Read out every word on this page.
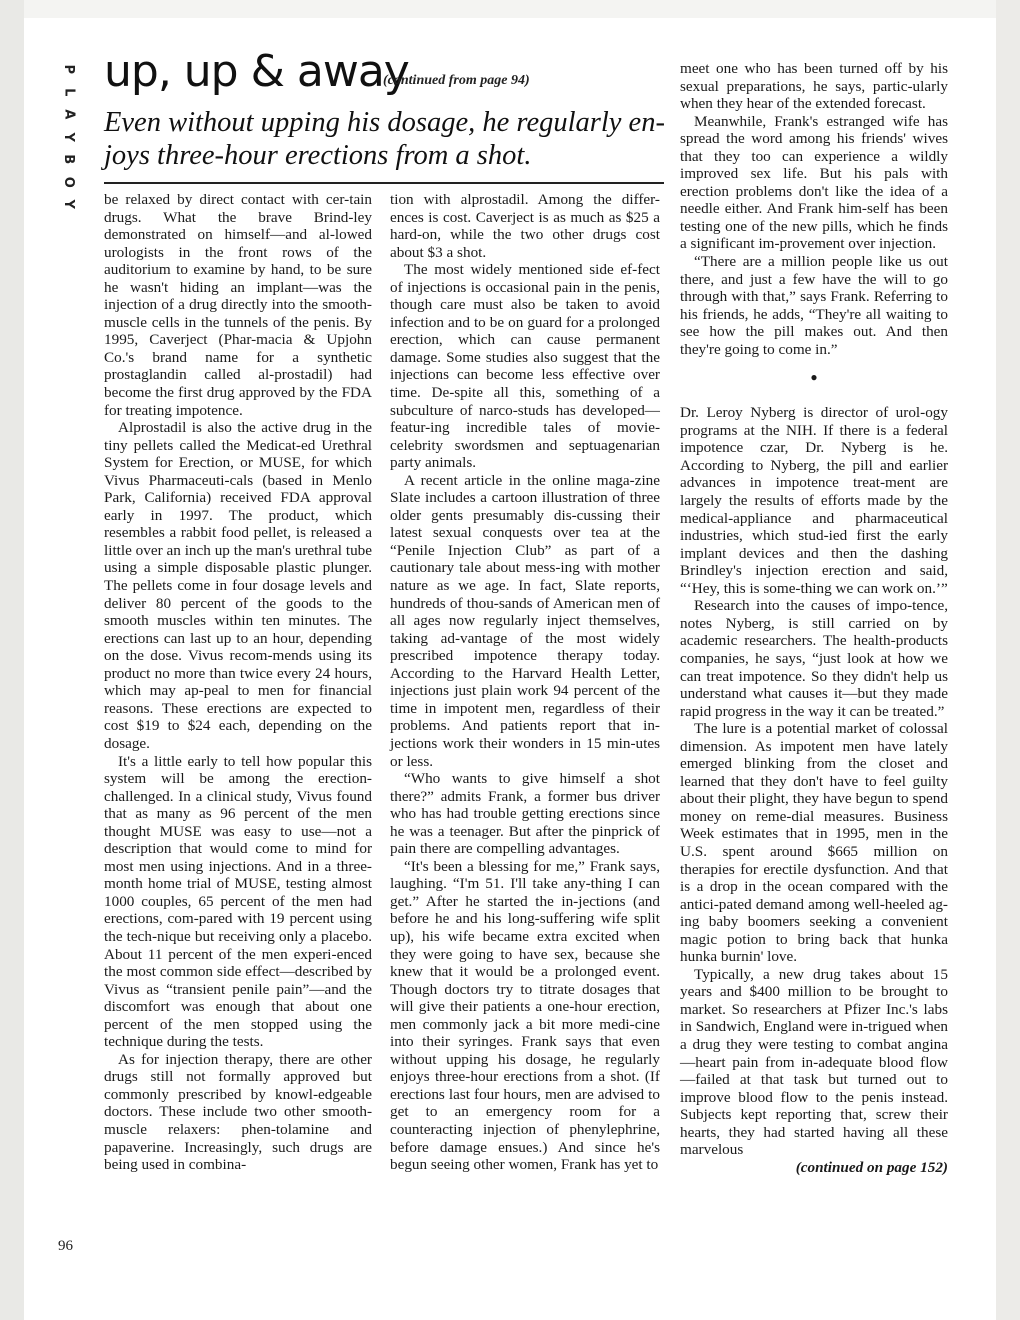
P
L
A
Y
B
O
Y
96
up, up & away
(continued from page 94)
Even without upping his dosage, he regularly en-joys three-hour erections from a shot.

be relaxed by direct contact with cer-tain drugs. What the brave Brind-ley demonstrated on himself—and al-lowed urologists in the front rows of the auditorium to examine by hand, to be sure he wasn't hiding an implant—was the injection of a drug directly into the smooth-muscle cells in the tunnels of the penis. By 1995, Caverject (Phar-macia & Upjohn Co.'s brand name for a synthetic prostaglandin called al-prostadil) had become the first drug approved by the FDA for treating impotence.

Alprostadil is also the active drug in the tiny pellets called the Medicat-ed Urethral System for Erection, or MUSE, for which Vivus Pharmaceuti-cals (based in Menlo Park, California) received FDA approval early in 1997. The product, which resembles a rabbit food pellet, is released a little over an inch up the man's urethral tube using a simple disposable plastic plunger. The pellets come in four dosage levels and deliver 80 percent of the goods to the smooth muscles within ten minutes. The erections can last up to an hour, depending on the dose. Vivus recom-mends using its product no more than twice every 24 hours, which may ap-peal to men for financial reasons. These erections are expected to cost $19 to $24 each, depending on the dosage.

It's a little early to tell how popular this system will be among the erection-challenged. In a clinical study, Vivus found that as many as 96 percent of the men thought MUSE was easy to use—not a description that would come to mind for most men using injections. And in a three-month home trial of MUSE, testing almost 1000 couples, 65 percent of the men had erections, com-pared with 19 percent using the tech-nique but receiving only a placebo. About 11 percent of the men experi-enced the most common side effect—described by Vivus as “transient penile pain”—and the discomfort was enough that about one percent of the men stopped using the technique during the tests.

As for injection therapy, there are other drugs still not formally approved but commonly prescribed by knowl-edgeable doctors. These include two other smooth-muscle relaxers: phen-tolamine and papaverine. Increasingly, such drugs are being used in combina-

tion with alprostadil. Among the differ-ences is cost. Caverject is as much as $25 a hard-on, while the two other drugs cost about $3 a shot.

The most widely mentioned side ef-fect of injections is occasional pain in the penis, though care must also be taken to avoid infection and to be on guard for a prolonged erection, which can cause permanent damage. Some studies also suggest that the injections can become less effective over time. De-spite all this, something of a subculture of narco-studs has developed—featur-ing incredible tales of movie-celebrity swordsmen and septuagenarian party animals.

A recent article in the online maga-zine Slate includes a cartoon illustration of three older gents presumably dis-cussing their latest sexual conquests over tea at the “Penile Injection Club” as part of a cautionary tale about mess-ing with mother nature as we age. In fact, Slate reports, hundreds of thou-sands of American men of all ages now regularly inject themselves, taking ad-vantage of the most widely prescribed impotence therapy today. According to the Harvard Health Letter, injections just plain work 94 percent of the time in impotent men, regardless of their problems. And patients report that in-jections work their wonders in 15 min-utes or less.

“Who wants to give himself a shot there?” admits Frank, a former bus driver who has had trouble getting erections since he was a teenager. But after the pinprick of pain there are compelling advantages.

“It's been a blessing for me,” Frank says, laughing. “I'm 51. I'll take any-thing I can get.” After he started the in-jections (and before he and his long-suffering wife split up), his wife became extra excited when they were going to have sex, because she knew that it would be a prolonged event. Though doctors try to titrate dosages that will give their patients a one-hour erection, men commonly jack a bit more medi-cine into their syringes. Frank says that even without upping his dosage, he regularly enjoys three-hour erections from a shot. (If erections last four hours, men are advised to get to an emergency room for a counteracting injection of phenylephrine, before damage ensues.) And since he's begun seeing other women, Frank has yet to

meet one who has been turned off by his sexual preparations, he says, partic-ularly when they hear of the extended forecast.

Meanwhile, Frank's estranged wife has spread the word among his friends' wives that they too can experience a wildly improved sex life. But his pals with erection problems don't like the idea of a needle either. And Frank him-self has been testing one of the new pills, which he finds a significant im-provement over injection.

“There are a million people like us out there, and just a few have the will to go through with that,” says Frank. Referring to his friends, he adds, “They're all waiting to see how the pill makes out. And then they're going to come in.”

●

Dr. Leroy Nyberg is director of urol-ogy programs at the NIH. If there is a federal impotence czar, Dr. Nyberg is he. According to Nyberg, the pill and earlier advances in impotence treat-ment are largely the results of efforts made by the medical-appliance and pharmaceutical industries, which stud-ied first the early implant devices and then the dashing Brindley's injection erection and said, “‘Hey, this is some-thing we can work on.’”

Research into the causes of impo-tence, notes Nyberg, is still carried on by academic researchers. The health-products companies, he says, “just look at how we can treat impotence. So they didn't help us understand what causes it—but they made rapid progress in the way it can be treated.”

The lure is a potential market of colossal dimension. As impotent men have lately emerged blinking from the closet and learned that they don't have to feel guilty about their plight, they have begun to spend money on reme-dial measures. Business Week estimates that in 1995, men in the U.S. spent around $665 million on therapies for erectile dysfunction. And that is a drop in the ocean compared with the antici-pated demand among well-heeled ag-ing baby boomers seeking a convenient magic potion to bring back that hunka hunka burnin' love.

Typically, a new drug takes about 15 years and $400 million to be brought to market. So researchers at Pfizer Inc.'s labs in Sandwich, England were in-trigued when a drug they were testing to combat angina—heart pain from in-adequate blood flow—failed at that task but turned out to improve blood flow to the penis instead. Subjects kept reporting that, screw their hearts, they had started having all these marvelous

(continued on page 152)
